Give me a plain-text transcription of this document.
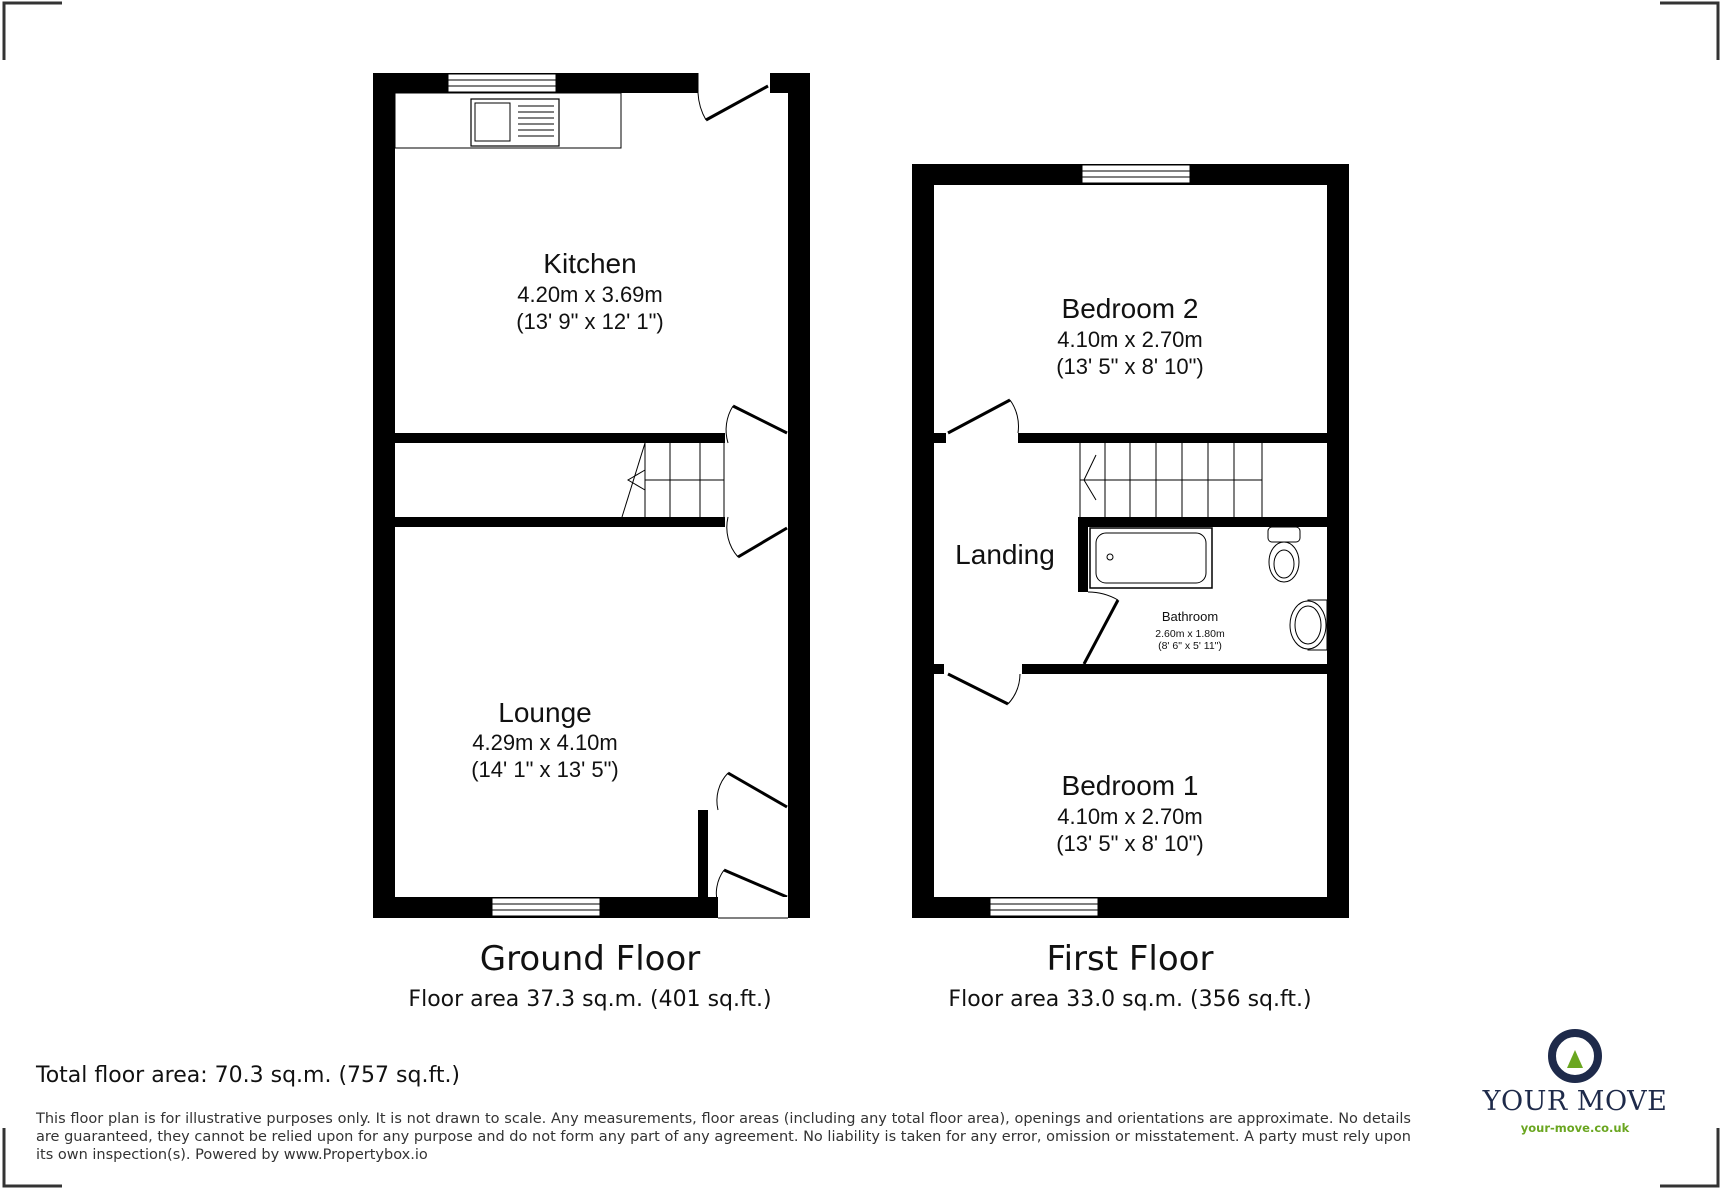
Kitchen
4.20m x 3.69m
(13' 9" x 12' 1")
Lounge
4.29m x 4.10m
(14' 1" x 13' 5")
Ground Floor
Floor area 37.3 sq.m. (401 sq.ft.)
Bedroom 2
4.10m x 2.70m
(13' 5" x 8' 10")
Landing
Bathroom
2.60m x 1.80m
(8' 6" x 5' 11")
Bedroom 1
4.10m x 2.70m
(13' 5" x 8' 10")
First Floor
Floor area 33.0 sq.m. (356 sq.ft.)
Total floor area: 70.3 sq.m. (757 sq.ft.)
This floor plan is for illustrative purposes only. It is not drawn to scale. Any measurements, floor areas (including any total floor area), openings and orientations are approximate. No details are guaranteed, they cannot be relied upon for any purpose and do not form any part of any agreement. No liability is taken for any error, omission or misstatement. A party must rely upon its own inspection(s). Powered by www.Propertybox.io
YOUR MOVE
your-move.co.uk
